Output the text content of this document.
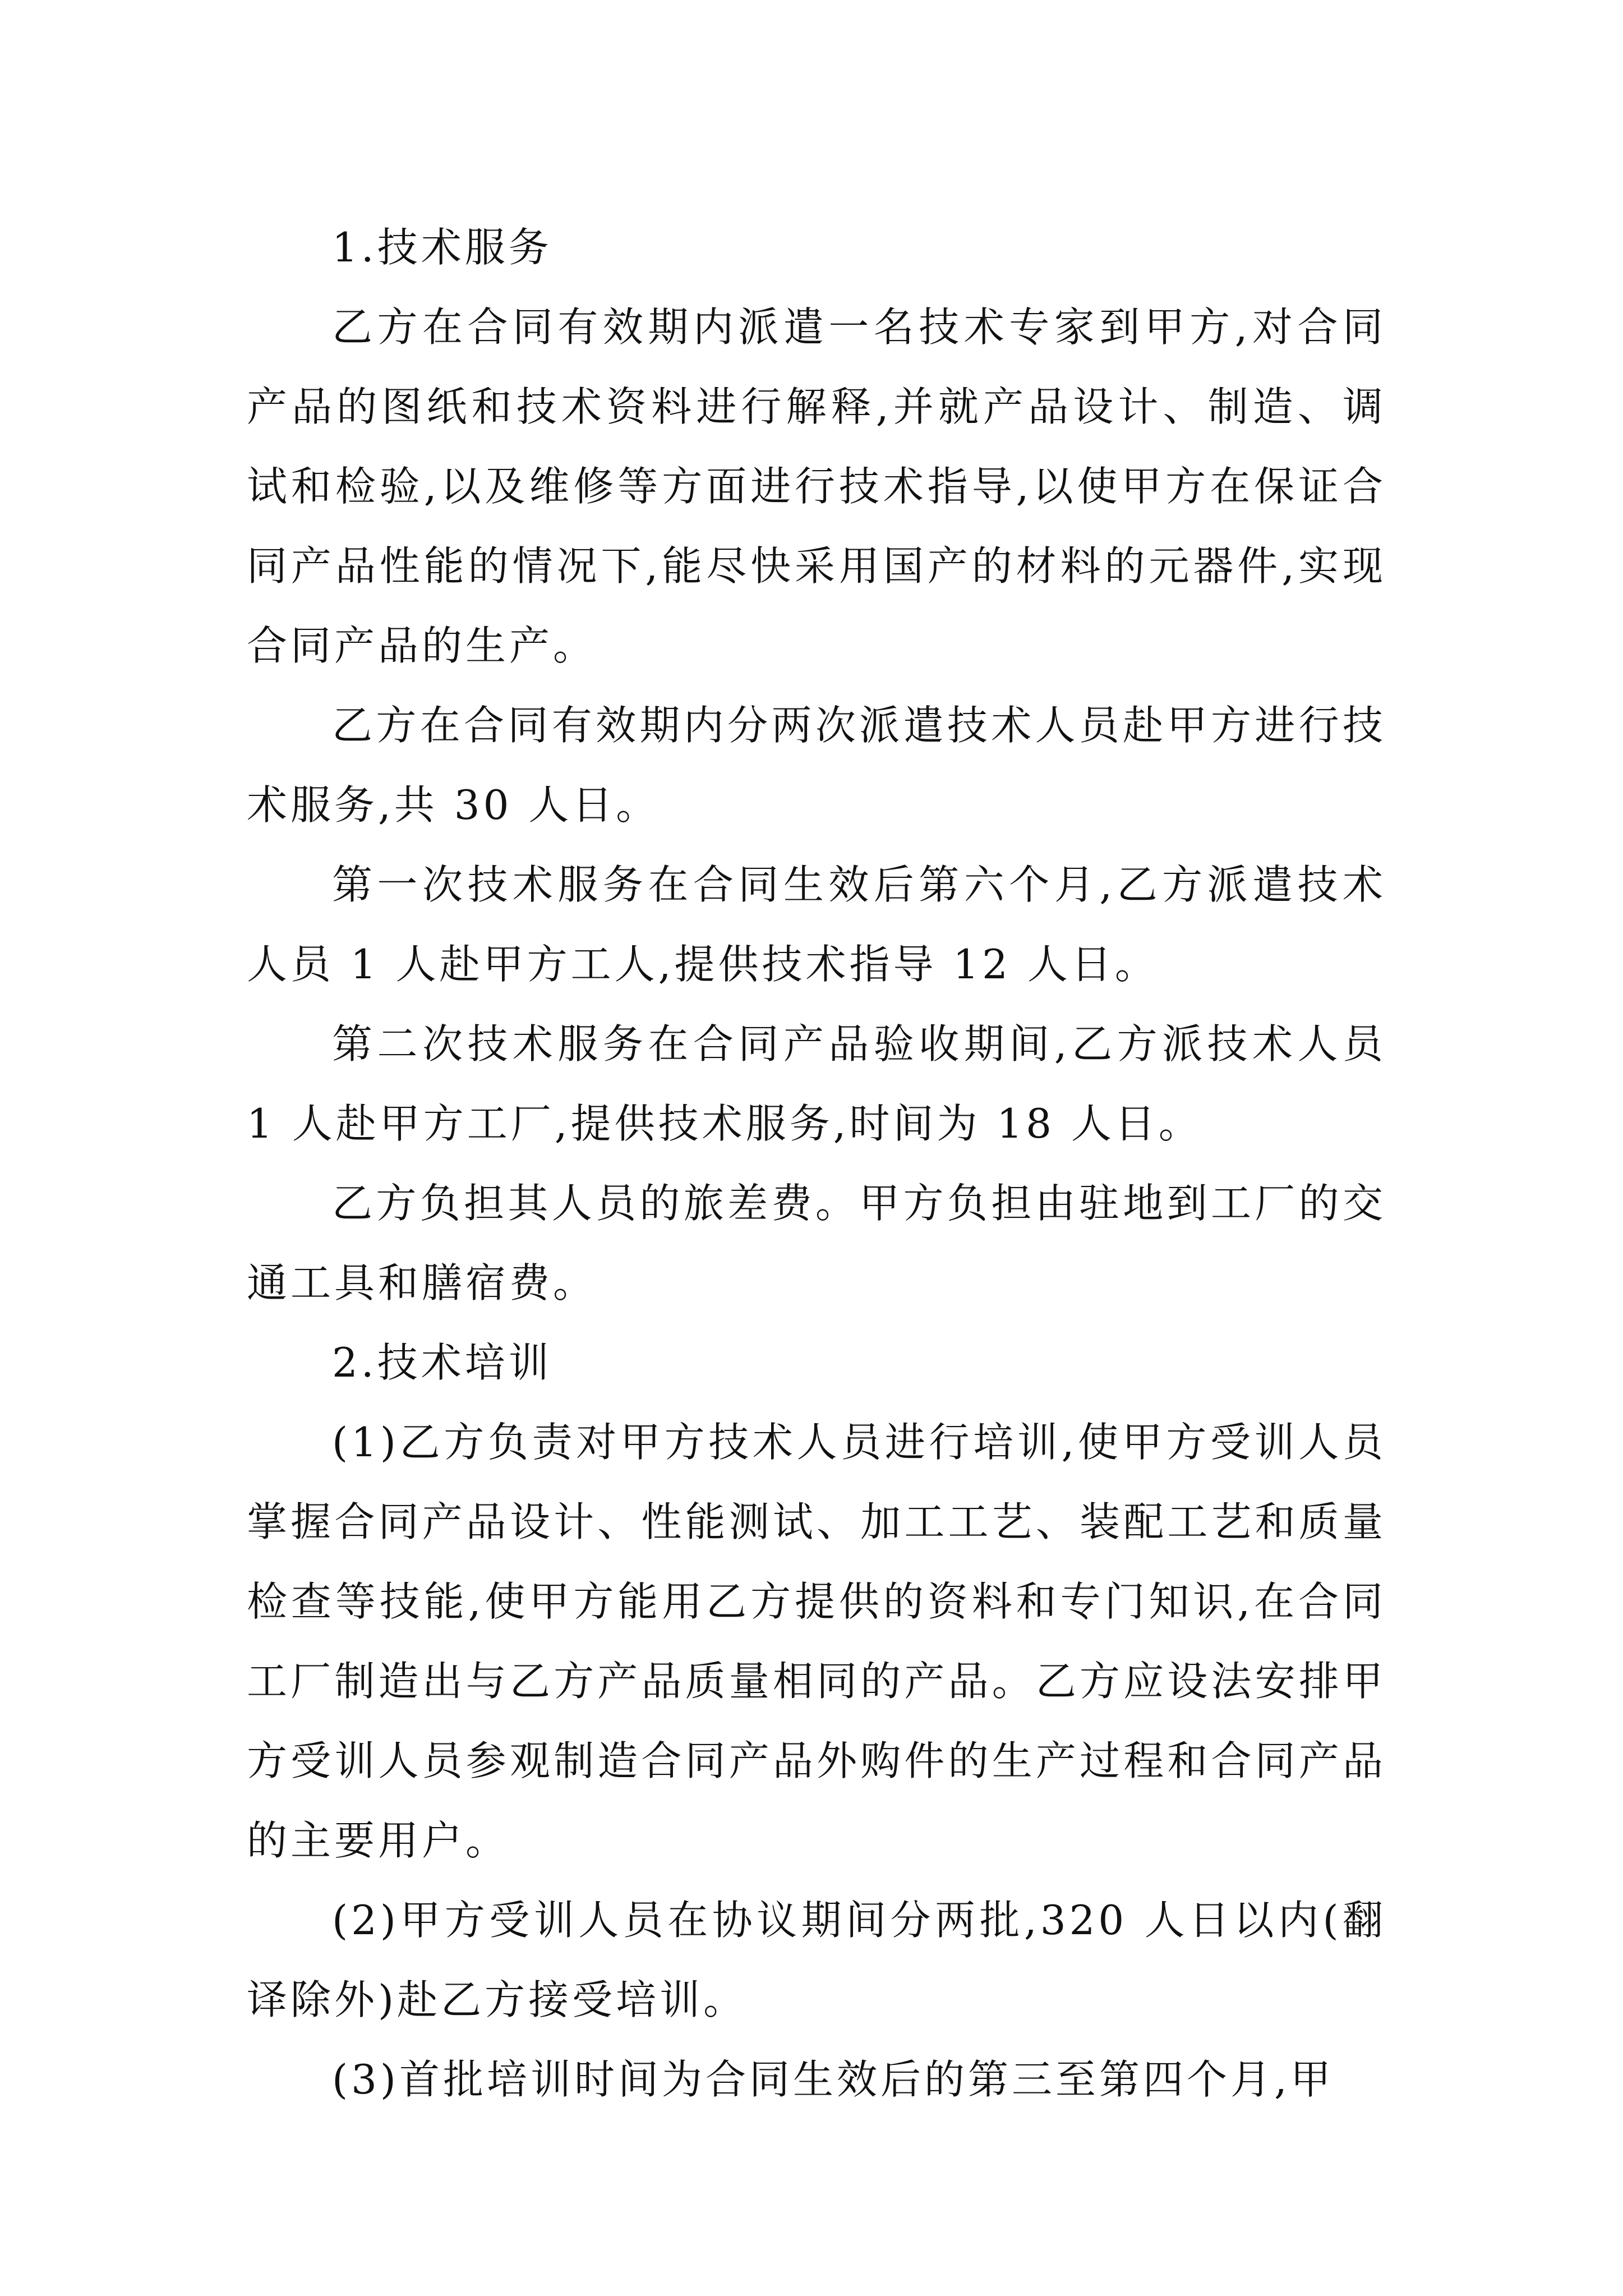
1.技术服务

乙方在合同有效期内派遣一名技术专家到甲方,对合同产品的图纸和技术资料进行解释,并就产品设计、制造、调试和检验,以及维修等方面进行技术指导,以使甲方在保证合同产品性能的情况下,能尽快采用国产的材料的元器件,实现合同产品的生产。

乙方在合同有效期内分两次派遣技术人员赴甲方进行技术服务,共 30 人日。

第一次技术服务在合同生效后第六个月,乙方派遣技术人员 1 人赴甲方工人,提供技术指导 12 人日。

第二次技术服务在合同产品验收期间,乙方派技术人员 1 人赴甲方工厂,提供技术服务,时间为 18 人日。

乙方负担其人员的旅差费。甲方负担由驻地到工厂的交通工具和膳宿费。

2.技术培训

(1)乙方负责对甲方技术人员进行培训,使甲方受训人员掌握合同产品设计、性能测试、加工工艺、装配工艺和质量检查等技能,使甲方能用乙方提供的资料和专门知识,在合同工厂制造出与乙方产品质量相同的产品。乙方应设法安排甲方受训人员参观制造合同产品外购件的生产过程和合同产品的主要用户。

(2)甲方受训人员在协议期间分两批,320 人日以内(翻译除外)赴乙方接受培训。

(3)首批培训时间为合同生效后的第三至第四个月,甲
